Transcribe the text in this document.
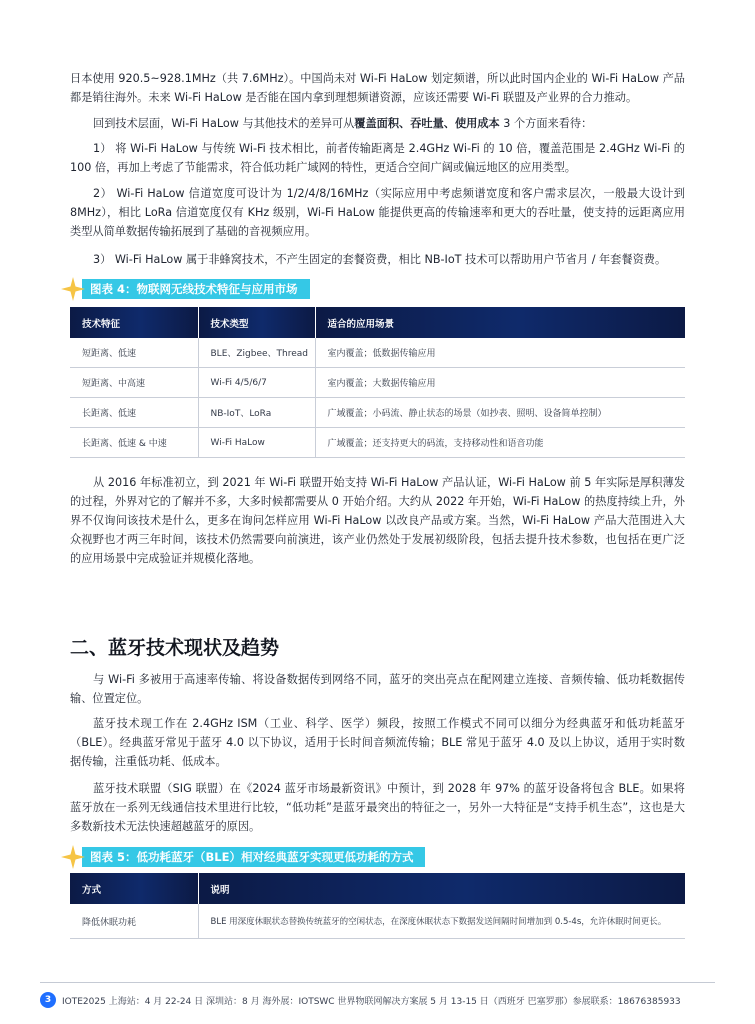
日本使用 920.5~928.1MHz（共 7.6MHz）。中国尚未对 Wi-Fi HaLow 划定频谱，所以此时国内企业的 Wi-Fi HaLow 产品都是销往海外。未来 Wi-Fi HaLow 是否能在国内拿到理想频谱资源，应该还需要 Wi-Fi 联盟及产业界的合力推动。

回到技术层面，Wi-Fi HaLow 与其他技术的差异可从覆盖面积、吞吐量、使用成本 3 个方面来看待：

1） 将 Wi-Fi HaLow 与传统 Wi-Fi 技术相比，前者传输距离是 2.4GHz Wi-Fi 的 10 倍，覆盖范围是 2.4GHz Wi-Fi 的 100 倍，再加上考虑了节能需求，符合低功耗广域网的特性，更适合空间广阔或偏远地区的应用类型。

2） Wi-Fi HaLow 信道宽度可设计为 1/2/4/8/16MHz（实际应用中考虑频谱宽度和客户需求层次，一般最大设计到 8MHz），相比 LoRa 信道宽度仅有 KHz 级别，Wi-Fi HaLow 能提供更高的传输速率和更大的吞吐量，使支持的远距离应用类型从简单数据传输拓展到了基础的音视频应用。

3） Wi-Fi HaLow 属于非蜂窝技术，不产生固定的套餐资费，相比 NB-IoT 技术可以帮助用户节省月 / 年套餐资费。

图表 4：物联网无线技术特征与应用市场
技术特征	技术类型	适合的应用场景
短距离、低速	BLE、Zigbee、Thread	室内覆盖；低数据传输应用
短距离、中高速	Wi-Fi 4/5/6/7	室内覆盖；大数据传输应用
长距离、低速	NB-IoT、LoRa	广域覆盖；小码流、静止状态的场景（如抄表、照明、设备简单控制）
长距离、低速 & 中速	Wi-Fi HaLow	广域覆盖；还支持更大的码流，支持移动性和语音功能

从 2016 年标准初立，到 2021 年 Wi-Fi 联盟开始支持 Wi-Fi HaLow 产品认证，Wi-Fi HaLow 前 5 年实际是厚积薄发的过程，外界对它的了解并不多，大多时候都需要从 0 开始介绍。大约从 2022 年开始，Wi-Fi HaLow 的热度持续上升，外界不仅询问该技术是什么，更多在询问怎样应用 Wi-Fi HaLow 以改良产品或方案。当然，Wi-Fi HaLow 产品大范围进入大众视野也才两三年时间，该技术仍然需要向前演进，该产业仍然处于发展初级阶段，包括去提升技术参数，也包括在更广泛的应用场景中完成验证并规模化落地。

二、蓝牙技术现状及趋势

与 Wi-Fi 多被用于高速率传输、将设备数据传到网络不同，蓝牙的突出亮点在配网建立连接、音频传输、低功耗数据传输、位置定位。

蓝牙技术现工作在 2.4GHz ISM（工业、科学、医学）频段，按照工作模式不同可以细分为经典蓝牙和低功耗蓝牙（BLE）。经典蓝牙常见于蓝牙 4.0 以下协议，适用于长时间音频流传输；BLE 常见于蓝牙 4.0 及以上协议，适用于实时数据传输，注重低功耗、低成本。

蓝牙技术联盟（SIG 联盟）在《2024 蓝牙市场最新资讯》中预计，到 2028 年 97% 的蓝牙设备将包含 BLE。如果将蓝牙放在一系列无线通信技术里进行比较，“低功耗”是蓝牙最突出的特征之一，另外一大特征是“支持手机生态”，这也是大多数新技术无法快速超越蓝牙的原因。

图表 5：低功耗蓝牙（BLE）相对经典蓝牙实现更低功耗的方式
方式	说明
降低休眠功耗	BLE 用深度休眠状态替换传统蓝牙的空闲状态，在深度休眠状态下数据发送间隔时间增加到 0.5-4s，允许休眠时间更长。
3	IOTE2025 上海站：4 月 22-24 日 深圳站：8 月 海外展：IOTSWC 世界物联网解决方案展 5 月 13-15 日（西班牙 巴塞罗那）参展联系：18676385933
